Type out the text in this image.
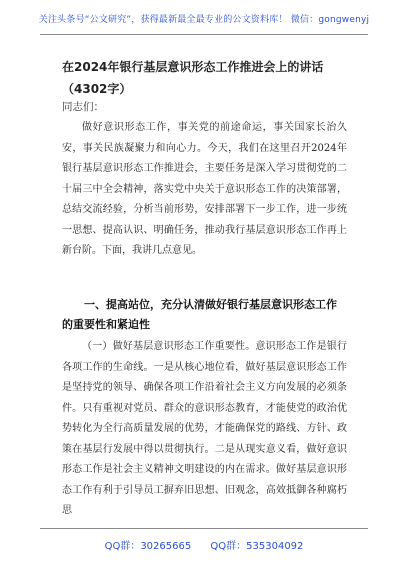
关注头条号“公文研究”，获得最新最全最专业的公文资料库！ 微信：gongwenyj
在2024年银行基层意识形态工作推进会上的讲话（4302字）
同志们：

做好意识形态工作，事关党的前途命运，事关国家长治久安，事关民族凝聚力和向心力。今天，我们在这里召开2024年银行基层意识形态工作推进会，主要任务是深入学习贯彻党的二十届三中全会精神，落实党中央关于意识形态工作的决策部署，总结交流经验，分析当前形势，安排部署下一步工作，进一步统一思想、提高认识、明确任务，推动我行基层意识形态工作再上新台阶。下面，我讲几点意见。

一、提高站位，充分认清做好银行基层意识形态工作的重要性和紧迫性

（一）做好基层意识形态工作重要性。意识形态工作是银行各项工作的生命线。一是从核心地位看，做好基层意识形态工作是坚持党的领导、确保各项工作沿着社会主义方向发展的必须条件。只有重视对党员、群众的意识形态教育，才能使党的政治优势转化为全行高质量发展的优势，才能确保党的路线、方针、政策在基层行发展中得以贯彻执行。二是从现实意义看，做好意识形态工作是社会主义精神文明建设的内在需求。做好基层意识形态工作有利于引导员工摒弃旧思想、旧观念，高效抵御各种腐朽思

QQ群：30265665 QQ群：535304092
